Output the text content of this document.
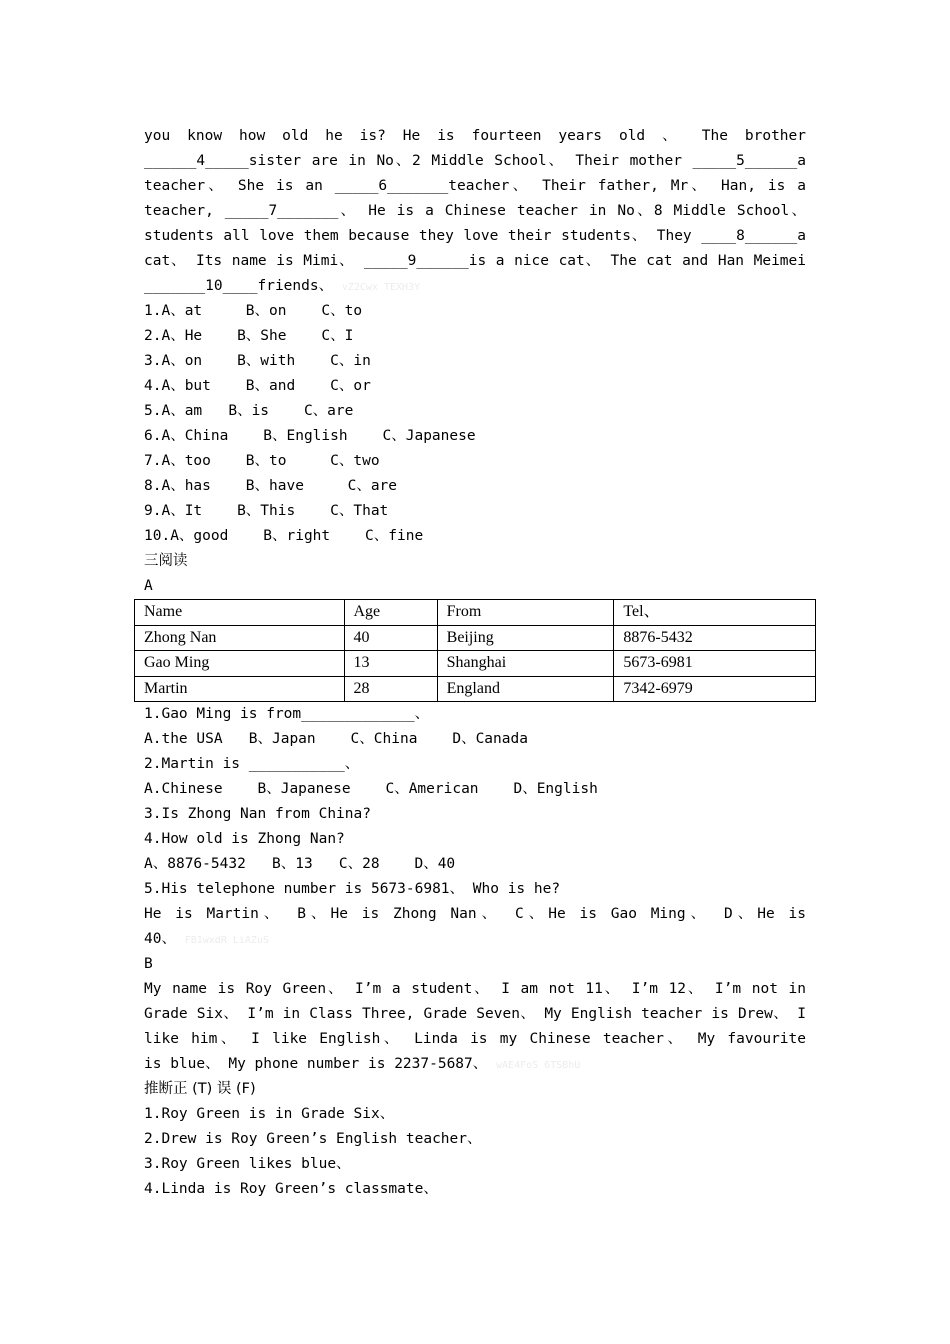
you know how old he is? He is fourteen years old 、 The brother
______4_____sister are in No、2 Middle School、 Their mother _____5______a
teacher、 She is an _____6_______teacher、 Their father, Mr、 Han, is a
teacher, _____7_______、 He is a Chinese teacher in No、8 Middle School、
students all love them because they love their students、 They ____8______a
cat、 Its name is Mimi、 _____9______is a nice cat、 The cat and Han Meimei
_______10____friends、 vZ2Cwx TEXH3Y
1.A、at     B、on    C、to
2.A、He    B、She    C、I
3.A、on    B、with    C、in
4.A、but    B、and    C、or
5.A、am   B、is    C、are
6.A、China    B、English    C、Japanese
7.A、too    B、to     C、two
8.A、has    B、have     C、are
9.A、It    B、This    C、That
10.A、good    B、right    C、fine
三阅读
A
Name	Age	From	Tel、
Zhong Nan	40	Beijing	8876-5432
Gao Ming	13	Shanghai	5673-6981
Martin	28	England	7342-6979
1.Gao Ming is from_____________、
A.the USA   B、Japan    C、China    D、Canada
2.Martin is ___________、
A.Chinese    B、Japanese    C、American    D、English
3.Is Zhong Nan from China?
4.How old is Zhong Nan?
A、8876-5432   B、13   C、28    D、40
5.His telephone number is 5673-6981、 Who is he?
He is Martin、 B、He is Zhong Nan、 C、He is Gao Ming、 D、He is
40、 FB1wxdR LiAZuS
B
My name is Roy Green、 I’m a student、 I am not 11、 I’m 12、 I’m not in
Grade Six、 I’m in Class Three, Grade Seven、 My English teacher is Drew、 I
like him、 I like English、 Linda is my Chinese teacher、 My favourite
is blue、 My phone number is 2237-5687、 wAE4FoS 6TSBhU
推断正 (T) 误 (F)
1.Roy Green is in Grade Six、
2.Drew is Roy Green’s English teacher、
3.Roy Green likes blue、
4.Linda is Roy Green’s classmate、
